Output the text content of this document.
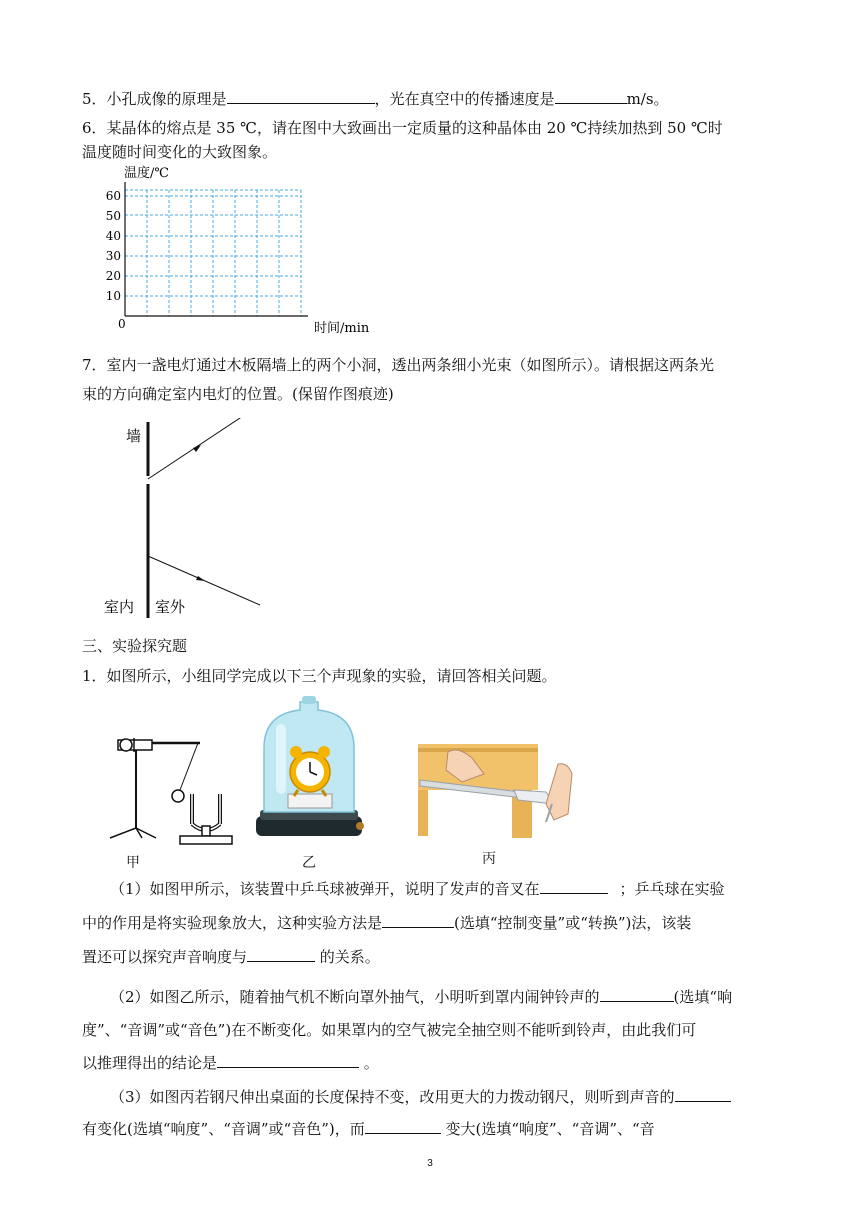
5．小孔成像的原理是	，光在真空中的传播速度是	m/s。
6．某晶体的熔点是 35 ℃，请在图中大致画出一定质量的这种晶体由 20 ℃持续加热到 50 ℃时
温度随时间变化的大致图象。
温度/℃
60
50
40
30
20
10
0	时间/min
7．室内一盏电灯通过木板隔墙上的两个小洞，透出两条细小光束（如图所示）。请根据这两条光
束的方向确定室内电灯的位置。(保留作图痕迹)
墙
室内 室外
三、实验探究题
1．如图所示，小组同学完成以下三个声现象的实验，请回答相关问题。
甲	乙	丙
（1）如图甲所示，该装置中乒乓球被弹开，说明了发声的音叉在	；乒乓球在实验
中的作用是将实验现象放大，这种实验方法是	(选填“控制变量”或“转换”)法，该装
置还可以探究声音响度与	的关系。
（2）如图乙所示，随着抽气机不断向罩外抽气，小明听到罩内闹钟铃声的	(选填“响
度”、“音调”或“音色”)在不断变化。如果罩内的空气被完全抽空则不能听到铃声，由此我们可
以推理得出的结论是	。
（3）如图丙若钢尺伸出桌面的长度保持不变，改用更大的力拨动钢尺，则听到声音的
有变化(选填“响度”、“音调”或“音色”)，而	变大(选填“响度”、“音调”、“音
3
